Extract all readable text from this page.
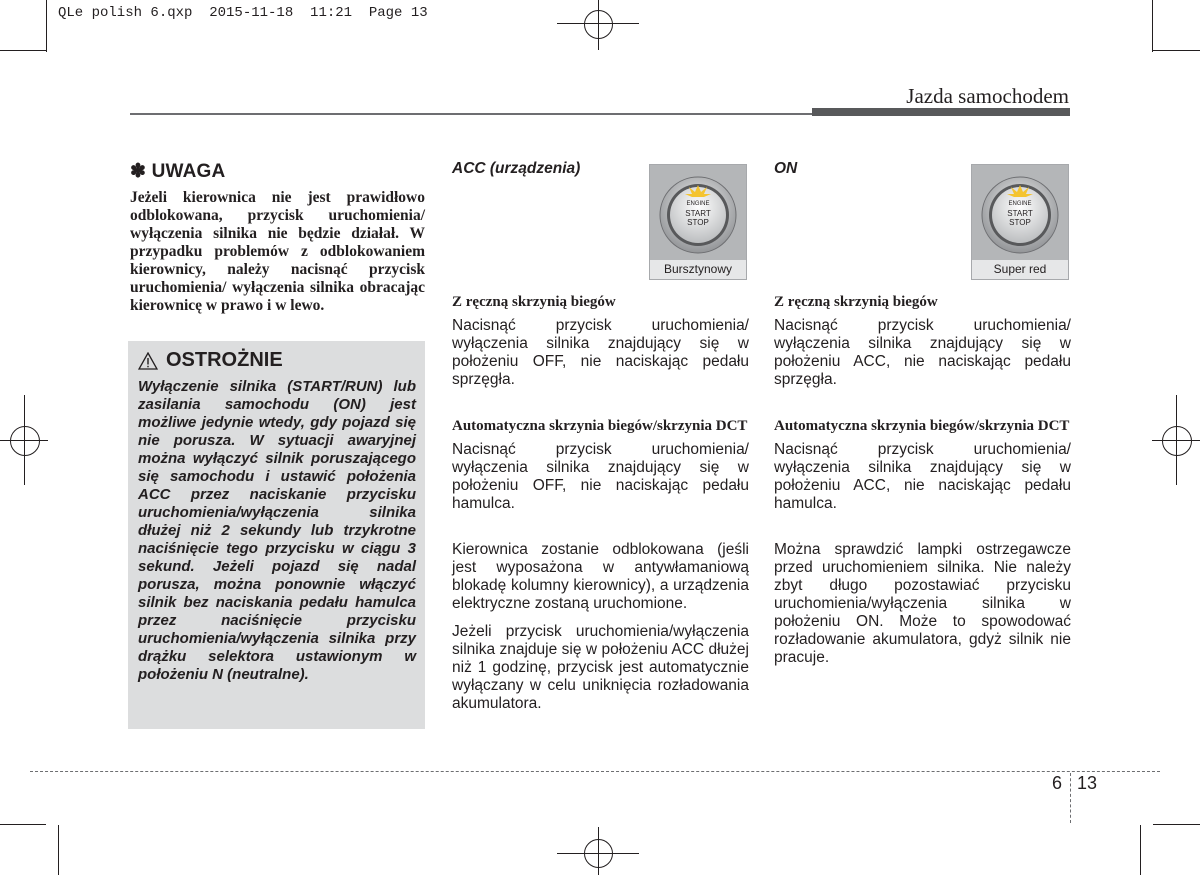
QLe polish 6.qxp  2015-11-18  11:21  Page 13
Jazda samochodem

✽ UWAGA

Jeżeli kierownica nie jest prawidłowo odblokowana, przycisk uruchomienia/ wyłączenia silnika nie będzie działał. W przypadku problemów z odblokowaniem kierownicy, należy nacisnąć przycisk uruchomienia/ wyłączenia silnika obracając kierownicę w prawo i w lewo.

OSTROŻNIE

Wyłączenie silnika (START/RUN) lub zasilania samochodu (ON) jest możliwe jedynie wtedy, gdy pojazd się nie porusza. W sytuacji awaryjnej można wyłączyć silnik poruszającego się samochodu i ustawić położenia ACC przez naciskanie przycisku uruchomienia/wyłączenia silnika dłużej niż 2 sekundy lub trzykrotne naciśnięcie tego przycisku w ciągu 3 sekund. Jeżeli pojazd się nadal porusza, można ponownie włączyć silnik bez naciskania pedału hamulca przez naciśnięcie przycisku uruchomienia/wyłączenia silnika przy drążku selektora ustawionym w położeniu N (neutralne).

ACC (urządzenia)

ENGINE
START
STOP
Bursztynowy

Z ręczną skrzynią biegów

Nacisnąć przycisk uruchomienia/ wyłączenia silnika znajdujący się w położeniu OFF, nie naciskając pedału sprzęgła.

Automatyczna skrzynia biegów/skrzynia DCT

Nacisnąć przycisk uruchomienia/ wyłączenia silnika znajdujący się w położeniu OFF, nie naciskając pedału hamulca.

Kierownica zostanie odblokowana (jeśli jest wyposażona w antywłamaniową blokadę kolumny kierownicy), a urządzenia elektryczne zostaną uruchomione.

Jeżeli przycisk uruchomienia/wyłączenia silnika znajduje się w położeniu ACC dłużej niż 1 godzinę, przycisk jest automatycznie wyłączany w celu uniknięcia rozładowania akumulatora.

ON

ENGINE
START
STOP
Super red

Z ręczną skrzynią biegów

Nacisnąć przycisk uruchomienia/ wyłączenia silnika znajdujący się w położeniu ACC, nie naciskając pedału sprzęgła.

Automatyczna skrzynia biegów/skrzynia DCT

Nacisnąć przycisk uruchomienia/ wyłączenia silnika znajdujący się w położeniu ACC, nie naciskając pedału hamulca.

Można sprawdzić lampki ostrzegawcze przed uruchomieniem silnika. Nie należy zbyt długo pozostawiać przycisku uruchomienia/wyłączenia silnika w położeniu ON. Może to spowodować rozładowanie akumulatora, gdyż silnik nie pracuje.

6 13
